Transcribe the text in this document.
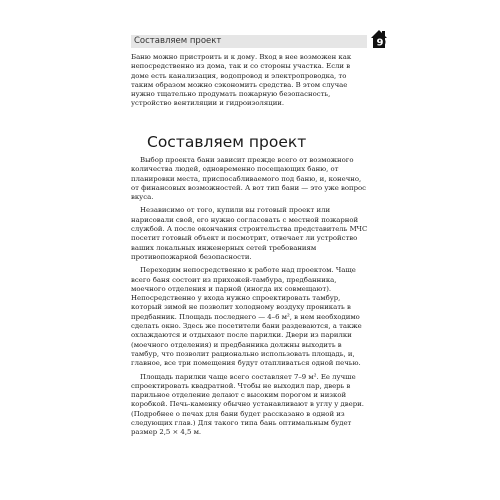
Составляем проект	9

Баню можно пристроить и к дому. Вход в нее возможен как непосредственно из дома, так и со стороны участка. Если в доме есть канализация, водопровод и электропроводка, то таким образом можно сэкономить средства. В этом случае нужно тщательно продумать пожарную безопасность, устройство вентиляции и гидроизоляции.

Составляем проект

Выбор проекта бани зависит прежде всего от возможного количества людей, одновременно посещающих баню, от планировки места, приспосабливаемого под баню, и, конечно, от финансовых возможностей. А вот тип бани — это уже вопрос вкуса.

Независимо от того, купили вы готовый проект или нарисовали свой, его нужно согласовать с местной пожарной службой. А после окончания строительства представитель МЧС посетит готовый объект и посмотрит, отвечает ли устройство ваших локальных инженерных сетей требованиям противопожарной безопасности.

Переходим непосредственно к работе над проектом. Чаще всего баня состоит из прихожей-тамбура, предбанника, моечного отделения и парной (иногда их совмещают). Непосредственно у входа нужно спроектировать тамбур, который зимой не позволит холодному воздуху проникать в предбанник. Площадь последнего — 4–6 м², в нем необходимо сделать окно. Здесь же посетители бани раздеваются, а также охлаждаются и отдыхают после парилки. Двери из парилки (моечного отделения) и предбанника должны выходить в тамбур, что позволит рационально использовать площадь, и, главное, все три помещения будут отапливаться одной печью.

Площадь парилки чаще всего составляет 7–9 м². Ее лучше спроектировать квадратной. Чтобы не выходил пар, дверь в парильное отделение делают с высоким порогом и низкой коробкой. Печь-каменку обычно устанавливают в углу у двери. (Подробнее о печах для бани будет рассказано в одной из следующих глав.) Для такого типа бань оптимальным будет размер 2,5 × 4,5 м.
